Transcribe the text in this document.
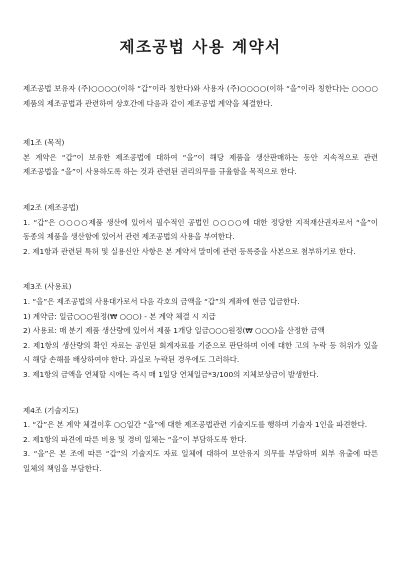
제조공법 사용 계약서

제조공법 보유자 (주)○○○○(이하 “갑”이라 칭한다)와 사용자 (주)○○○○(이하 “을”이라 칭한다)는 ○○○○제품의 제조공법과 관련하여 상호간에 다음과 같이 제조공법 계약을 체결한다.

제1조 (목적)

본 계약은 “갑”이 보유한 제조공법에 대하여 “을”이 해당 제품을 생산판매하는 동안 지속적으로 관련 제조공법을 “을”이 사용하도록 하는 것과 관련된 권리의무를 규율함을 목적으로 한다.

제2조 (제조공법)

1. “갑”은 ○○○○제품 생산에 있어서 필수적인 공법인 ○○○○에 대한 정당한 지적재산권자로서 “을”이 동종의 제품을 생산함에 있어서 관련 제조공법의 사용을 부여한다.

2. 제1항과 관련된 특허 및 실용신안 사항은 본 계약서 말미에 관련 등록증을 사본으로 첨부하기로 한다.

제3조 (사용료)

1. “을”은 제조공법의 사용대가로서 다음 각호의 금액을 “갑”의 계좌에 현금 입금한다.

1) 계약금: 일금○○○원정(₩ ○○○) - 본 계약 체결 시 지급

2) 사용료: 매 분기 제품 생산량에 있어서 제품 1개당 일금○○○원정(₩ ○○○)을 산정한 금액

2. 제1항의 생산량의 확인 자료는 공인된 회계자료를 기준으로 판단하며 이에 대한 고의 누락 등 허위가 있을 시 해당 손해를 배상하여야 한다. 과실로 누락된 경우에도 그러하다.

3. 제1항의 금액을 연체할 시에는 즉시 매 1일당 연체일금*3/100의 지체보상금이 발생한다.

제4조 (기술지도)

1. “갑”은 본 계약 체결이후 ○○일간 “을”에 대한 제조공법관련 기술지도를 행하며 기술자 1인을 파견한다.

2. 제1항의 파견에 따른 비용 및 경비 일체는 “을”이 부담하도록 한다.

3. “을”은 본 조에 따른 “갑”의 기술지도 자료 일체에 대하여 보안유지 의무를 부담하며 외부 유출에 따른 일체의 책임을 부담한다.
